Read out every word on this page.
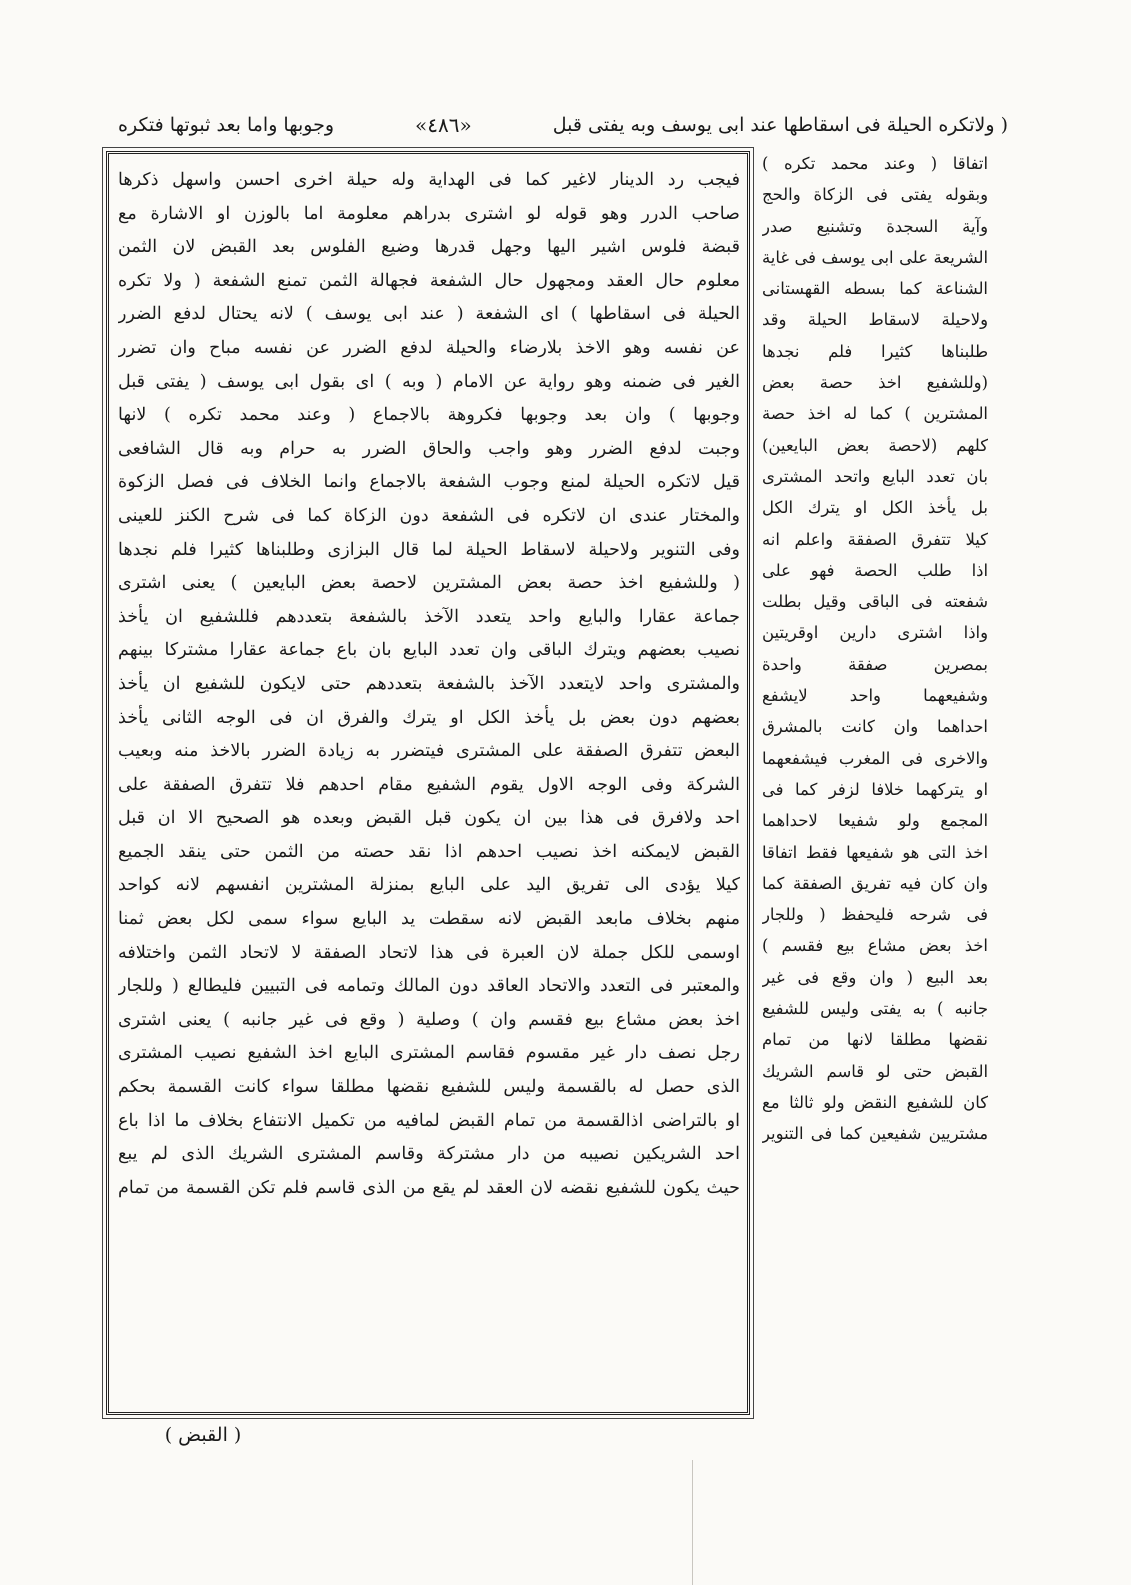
( ولاتكره الحيلة فى اسقاطها عند ابى يوسف وبه يفتى قبل
«٤٨٦»
وجوبها واما بعد ثبوتها فتكره
فيجب رد الدينار لاغير كما فى الهداية وله حيلة اخرى احسن واسهل ذكرها
صاحب الدرر وهو قوله لو اشترى بدراهم معلومة اما بالوزن او الاشارة مع
قبضة فلوس اشير اليها وجهل قدرها وضيع الفلوس بعد القبض لان الثمن
معلوم حال العقد ومجهول حال الشفعة فجهالة الثمن تمنع الشفعة ( ولا تكره
الحيلة فى اسقاطها ) اى الشفعة ( عند ابى يوسف ) لانه يحتال لدفع الضرر
عن نفسه وهو الاخذ بلارضاء والحيلة لدفع الضرر عن نفسه مباح وان تضرر
الغير فى ضمنه وهو رواية عن الامام ( وبه ) اى بقول ابى يوسف ( يفتى قبل
وجوبها ) وان بعد وجوبها فكروهة بالاجماع ( وعند محمد تكره ) لانها
وجبت لدفع الضرر وهو واجب والحاق الضرر به حرام وبه قال الشافعى
قيل لاتكره الحيلة لمنع وجوب الشفعة بالاجماع وانما الخلاف فى فصل الزكوة
والمختار عندى ان لاتكره فى الشفعة دون الزكاة كما فى شرح الكنز للعينى
وفى التنوير ولاحيلة لاسقاط الحيلة لما قال البزازى وطلبناها كثيرا فلم نجدها
( وللشفيع اخذ حصة بعض المشترين لاحصة بعض البايعين ) يعنى اشترى
جماعة عقارا والبايع واحد يتعدد الآخذ بالشفعة بتعددهم فللشفيع ان يأخذ
نصيب بعضهم ويترك الباقى وان تعدد البايع بان باع جماعة عقارا مشتركا بينهم
والمشترى واحد لايتعدد الآخذ بالشفعة بتعددهم حتى لايكون للشفيع ان يأخذ
بعضهم دون بعض بل يأخذ الكل او يترك والفرق ان فى الوجه الثانى يأخذ
البعض تتفرق الصفقة على المشترى فيتضرر به زيادة الضرر بالاخذ منه وبعيب
الشركة وفى الوجه الاول يقوم الشفيع مقام احدهم فلا تتفرق الصفقة على
احد ولافرق فى هذا بين ان يكون قبل القبض وبعده هو الصحيح الا ان قبل
القبض لايمكنه اخذ نصيب احدهم اذا نقد حصته من الثمن حتى ينقد الجميع
كيلا يؤدى الى تفريق اليد على البايع بمنزلة المشترين انفسهم لانه كواحد
منهم بخلاف مابعد القبض لانه سقطت يد البايع سواء سمى لكل بعض ثمنا
اوسمى للكل جملة لان العبرة فى هذا لاتحاد الصفقة لا لاتحاد الثمن واختلافه
والمعتبر فى التعدد والاتحاد العاقد دون المالك وتمامه فى التبيين فليطالع ( وللجار
اخذ بعض مشاع بيع فقسم وان ) وصلية ( وقع فى غير جانبه ) يعنى اشترى
رجل نصف دار غير مقسوم فقاسم المشترى البايع اخذ الشفيع نصيب المشترى
الذى حصل له بالقسمة وليس للشفيع نقضها مطلقا سواء كانت القسمة بحكم
او بالتراضى اذالقسمة من تمام القبض لمافيه من تكميل الانتفاع بخلاف ما اذا باع
احد الشريكين نصيبه من دار مشتركة وقاسم المشترى الشريك الذى لم يبع
حيث يكون للشفيع نقضه لان العقد لم يقع من الذى قاسم فلم تكن القسمة من تمام
اتفاقا ( وعند محمد تكره )
وبقوله يفتى فى الزكاة والحج
وآية السجدة وتشنيع صدر
الشريعة على ابى يوسف فى غاية
الشناعة كما بسطه القهستانى
ولاحيلة لاسقاط الحيلة وقد
طلبناها كثيرا فلم نجدها
(وللشفيع اخذ حصة بعض
المشترين ) كما له اخذ حصة
كلهم (لاحصة بعض البايعين)
بان تعدد البايع واتحد المشترى
بل يأخذ الكل او يترك الكل
كيلا تتفرق الصفقة واعلم انه
اذا طلب الحصة فهو على
شفعته فى الباقى وقيل بطلت
واذا اشترى دارين اوقريتين
بمصرين صفقة واحدة
وشفيعهما واحد لايشفع
احداهما وان كانت بالمشرق
والاخرى فى المغرب فيشفعهما
او يتركهما خلافا لزفر كما فى
المجمع ولو شفيعا لاحداهما
اخذ التى هو شفيعها فقط اتفاقا
وان كان فيه تفريق الصفقة كما
فى شرحه فليحفظ ( وللجار
اخذ بعض مشاع بيع فقسم )
بعد البيع ( وان وقع فى غير
جانبه ) به يفتى وليس للشفيع
نقضها مطلقا لانها من تمام
القبض حتى لو قاسم الشريك
كان للشفيع النقض ولو ثالثا مع
مشتريين شفيعين كما فى التنوير
( القبض )
